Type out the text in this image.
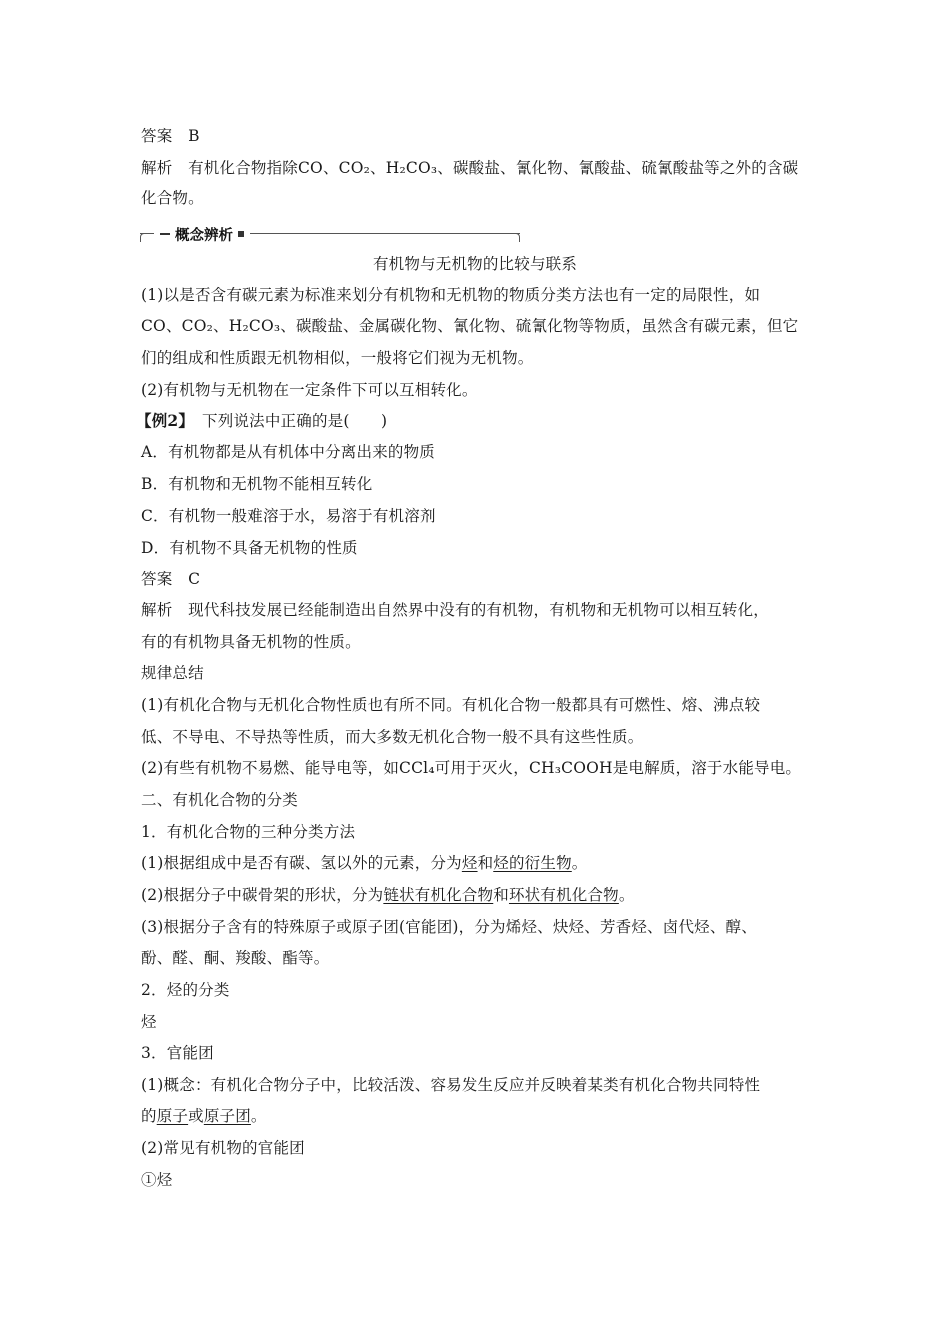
答案　B
解析　有机化合物指除CO、CO₂、H₂CO₃、碳酸盐、氰化物、氰酸盐、硫氰酸盐等之外的含碳
化合物。
概念辨析
有机物与无机物的比较与联系
(1)以是否含有碳元素为标准来划分有机物和无机物的物质分类方法也有一定的局限性，如
CO、CO₂、H₂CO₃、碳酸盐、金属碳化物、氰化物、硫氰化物等物质，虽然含有碳元素，但它
们的组成和性质跟无机物相似，一般将它们视为无机物。
(2)有机物与无机物在一定条件下可以互相转化。
【例2】　下列说法中正确的是(　　)
A．有机物都是从有机体中分离出来的物质
B．有机物和无机物不能相互转化
C．有机物一般难溶于水，易溶于有机溶剂
D．有机物不具备无机物的性质
答案　C
解析　现代科技发展已经能制造出自然界中没有的有机物，有机物和无机物可以相互转化，
有的有机物具备无机物的性质。
规律总结
(1)有机化合物与无机化合物性质也有所不同。有机化合物一般都具有可燃性、熔、沸点较
低、不导电、不导热等性质，而大多数无机化合物一般不具有这些性质。
(2)有些有机物不易燃、能导电等，如CCl₄可用于灭火，CH₃COOH是电解质，溶于水能导电。
二、有机化合物的分类
1．有机化合物的三种分类方法
(1)根据组成中是否有碳、氢以外的元素，分为烃和烃的衍生物。
(2)根据分子中碳骨架的形状，分为链状有机化合物和环状有机化合物。
(3)根据分子含有的特殊原子或原子团(官能团)，分为烯烃、炔烃、芳香烃、卤代烃、醇、
酚、醛、酮、羧酸、酯等。
2．烃的分类
烃
3．官能团
(1)概念：有机化合物分子中，比较活泼、容易发生反应并反映着某类有机化合物共同特性
的原子或原子团。
(2)常见有机物的官能团
①烃
